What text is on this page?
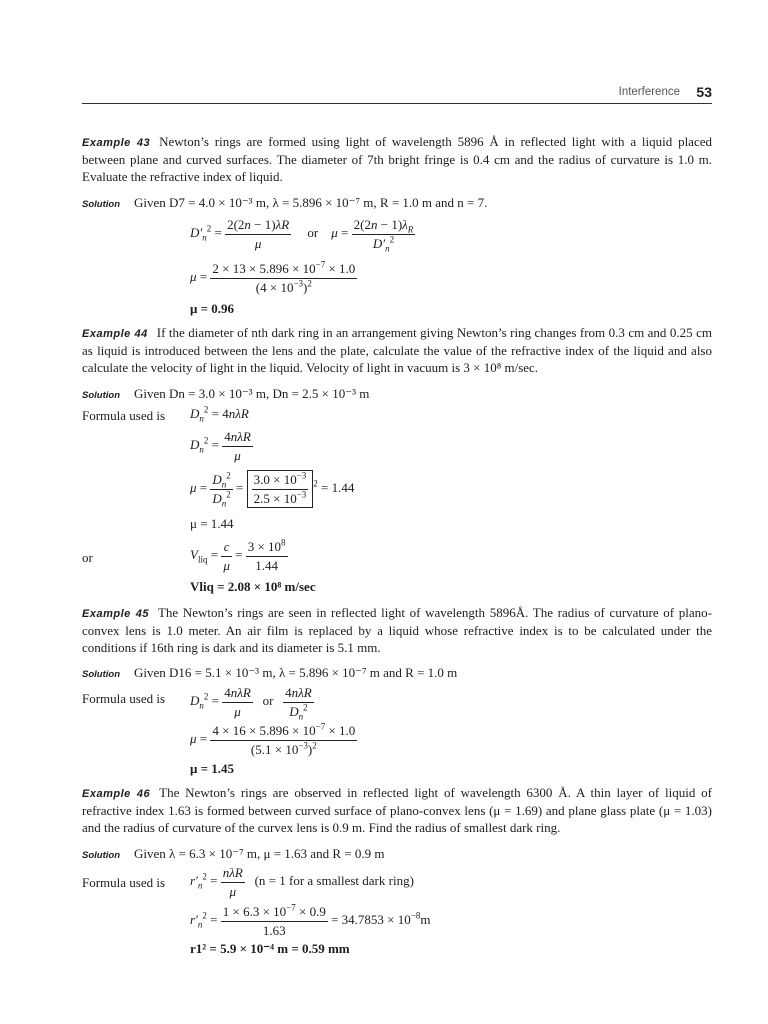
Interference 53

Example 43 Newton’s rings are formed using light of wavelength 5896 Å in reflected light with a liquid placed between plane and curved surfaces. The diameter of 7th bright fringe is 0.4 cm and the radius of curvature is 1.0 m. Evaluate the refractive index of liquid.

Solution Given D7 = 4.0 × 10⁻³ m, λ = 5.896 × 10⁻⁷ m, R = 1.0 m and n = 7.
$D'_n^2 = \frac{2(2n - 1)\lambda R}{\mu}$ or    $\mu = \frac{2(2n - 1)\lambda_R}{D'_n^2}$
$\mu = \frac{2 \times 13 \times 5.896 \times 10^{-7} \times 1.0}{(4 \times 10^{-3})^2}$
μ = 0.96

Example 44 If the diameter of nth dark ring in an arrangement giving Newton’s ring changes from 0.3 cm and 0.25 cm as liquid is introduced between the lens and the plate, calculate the value of the refractive index of the liquid and also calculate the velocity of light in the liquid. Velocity of light in vacuum is 3 × 10⁸ m/sec.

Solution Given Dn = 3.0 × 10⁻³ m, Dn = 2.5 × 10⁻³ m
Formula used is $D_n^2 = 4n\lambda R$
$D_n^2 = \frac{\text{4nλR}}{\mu}$
$\mu = \frac{D_n^2}{D_n^2} = \frac{3.0 \times 10^{-3}}{2.5 \times 10^{-3}} ^2 = 1.44$
μ = 1.44
or	$V_{liq} = \frac{c}{\mu} = \frac{3 \times 10^8}{1.44}$
Vliq = 2.08 × 10⁸ m/sec

Example 45 The Newton’s rings are seen in reflected light of wavelength 5896Å. The radius of curvature of plano-convex lens is 1.0 meter. An air film is replaced by a liquid whose refractive index is to be calculated under the conditions if 16th ring is dark and its diameter is 5.1 mm.

Solution Given D16 = 5.1 × 10⁻³ m, λ = 5.896 × 10⁻⁷ m and R = 1.0 m
Formula used is $D_n^2 = \frac{\text{4nλR}}{\mu}$ or $\frac{\text{4nλR}}{D_n^2}$
$\mu = \frac{4 \times 16 \times 5.896 \times 10^{-7} \times 1.0}{(5.1 \times 10^{-3})^2}$
μ = 1.45

Example 46 The Newton’s rings are observed in reflected light of wavelength 6300 Å. A thin layer of liquid of refractive index 1.63 is formed between curved surface of plano-convex lens (μ = 1.69) and plane glass plate (μ = 1.03) and the radius of curvature of the curvex lens is 0.9 m. Find the radius of smallest dark ring.

Solution Given λ = 6.3 × 10⁻⁷ m, μ = 1.63 and R = 0.9 m
Formula used is $r'_n^2 = \frac{\text{nλR}}{\mu} (n = 1$ for a smallest dark ring)
$r'_n^2 = \frac{1 \times 6.3 \times 10^{-7} \times 0.9}{1.63} = 34.7853 \times 10^{-8}m$
r1² = 5.9 × 10⁻⁴ m = 0.59 mm
